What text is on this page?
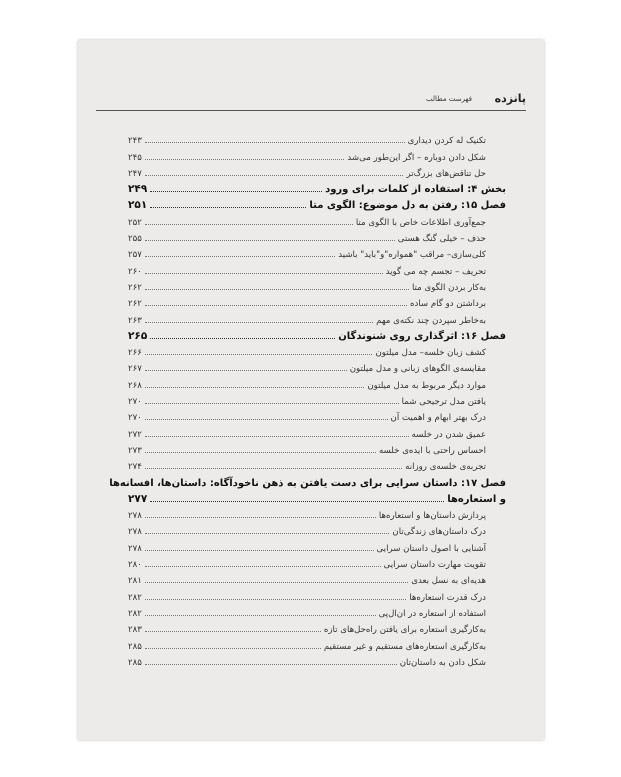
پانزده
فهرست مطالب
تکنیک له کردن دیداری
۲۴۳
شکل دادن دوباره – اگر این‌طور می‌شد
۲۴۵
حل تناقض‌های بزرگ‌تر
۲۴۷
بخش ۴: استفاده از کلمات برای ورود
۲۴۹
فصل ۱۵: رفتن به دل موضوع: الگوی متا
۲۵۱
جمع‌آوری اطلاعات خاص با الگوی متا
۲۵۲
حذف – خیلی گنگ هستی
۲۵۵
کلی‌سازی– مراقب "همواره"و"باید" باشید
۲۵۷
تحریف – تجسم چه می گوید
۲۶۰
به‌کار بردن الگوی متا
۲۶۲
برداشتن دو گام ساده
۲۶۲
به‌خاطر سپردن چند نکته‌ی مهم
۲۶۳
فصل ۱۶: اثرگذاری روی شنوندگان
۲۶۵
کشف زبان خلسه– مدل میلتون
۲۶۶
مقایسه‌ی الگوهای زبانی و مدل میلتون
۲۶۷
موارد دیگر مربوط به مدل میلتون
۲۶۸
یافتن مدل ترجیحی شما
۲۷۰
درک بهتر ابهام و اهمیت آن
۲۷۰
عمیق شدن در خلسه
۲۷۲
احساس راحتی با ایده‌ی خلسه
۲۷۳
تجربه‌ی خلسه‌ی روزانه
۲۷۴
فصل ۱۷: داستان سرایی برای دست یافتن به ذهن ناخودآگاه: داستان‌ها، افسانه‌ها
و استعاره‌ها
۲۷۷
پردازش داستان‌ها و استعاره‌ها
۲۷۸
درک داستان‌های زندگی‌تان
۲۷۸
آشنایی با اصول داستان سرایی
۲۷۸
تقویت مهارت داستان سرایی
۲۸۰
هدیه‌ای به نسل بعدی
۲۸۱
درک قدرت استعاره‌ها
۲۸۲
استفاده از استعاره در ان‌ال‌پی
۲۸۲
به‌کارگیری استعاره برای یافتن راه‌حل‌های تازه
۲۸۳
به‌کارگیری استعاره‌های مستقیم و غیر مستقیم
۲۸۵
شکل دادن به داستان‌تان
۲۸۵
